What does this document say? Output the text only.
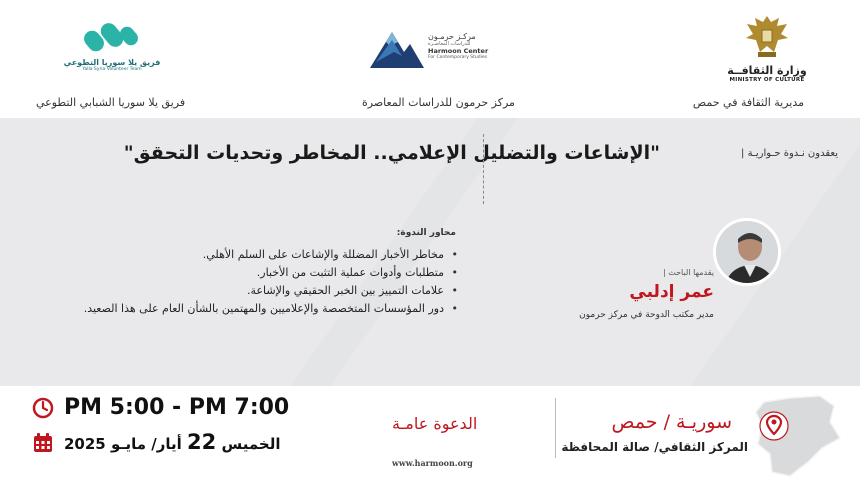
وزارة الثقافــة
MINISTRY OF CULTURE
مديرية الثقافة في حمص
مركـز حرمـون
للدراسات المعاصـرة
Harmoon Center
For Contemporary Studies
مركز حرمون للدراسات المعاصرة
فريق يلا سوريا التطوعي
Yalla Syria Volunteer Team
فريق يلا سوريا الشبابي التطوعي
يعقدون نـدوة حـواريـة |
"الإشاعات والتضليل الإعلامي.. المخاطر وتحديات التحقق"
محاور الندوة:
• مخاطر الأخبار المضللة والإشاعات على السلم الأهلي.
• متطلبات وأدوات عملية التثبت من الأخبار.
• علامات التمييز بين الخبر الحقيقي والإشاعة.
• دور المؤسسات المتخصصة والإعلاميين والمهتمين بالشأن العام على هذا الصعيد.
يقدمها الباحث |
عمر إدلبي
مدير مكتب الدوحة في مركز حرمون
PM 5:00 - PM 7:00
الخميس 22 أيار/ مايـو 2025
الدعوة عامـة
www.harmoon.org
سوريـة / حمص
المركز الثقافي/ صالة المحافظة
